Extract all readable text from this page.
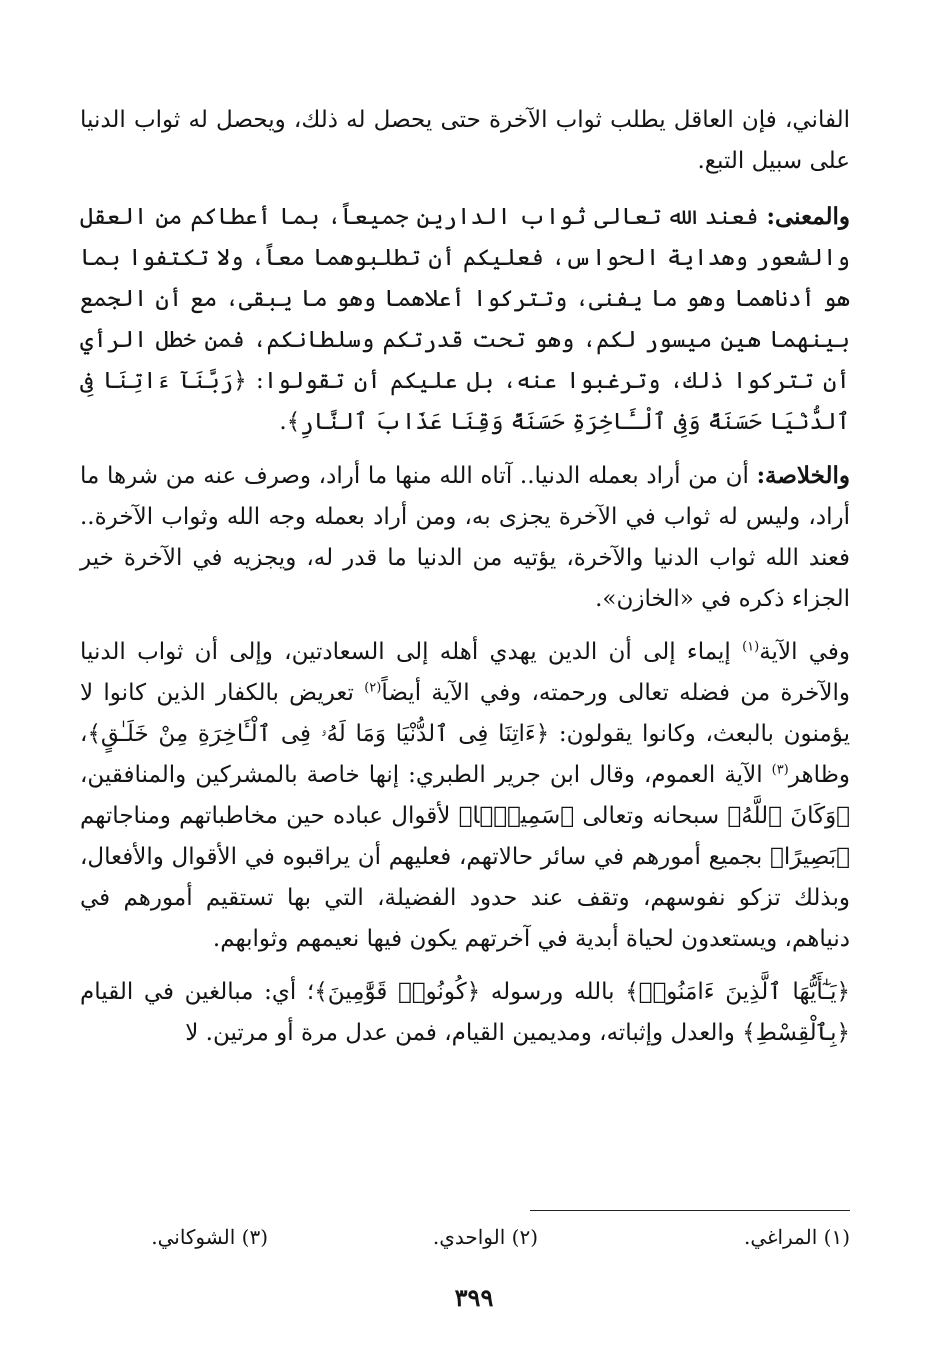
الفاني، فإن العاقل يطلب ثواب الآخرة حتى يحصل له ذلك، ويحصل له ثواب الدنيا على سبيل التبع.

والمعنى: فعند الله تعالى ثواب الدارين جميعاً، بما أعطاكم من العقل والشعور وهداية الحواس، فعليكم أن تطلبوهما معاً، ولا تكتفوا بما هو أدناهما وهو ما يفنى، وتتركوا أعلاهما وهو ما يبقى، مع أن الجمع بينهما هين ميسور لكم، وهو تحت قدرتكم وسلطانكم، فمن خطل الرأي أن تتركوا ذلك، وترغبوا عنه، بل عليكم أن تقولوا: ﴿رَبَّنَآ ءَاتِنَا فِى ٱلدُّنْيَا حَسَنَةً وَفِى ٱلْـَٔاخِرَةِ حَسَنَةً وَقِنَا عَذَابَ ٱلنَّارِ﴾.

والخلاصة: أن من أراد بعمله الدنيا.. آتاه الله منها ما أراد، وصرف عنه من شرها ما أراد، وليس له ثواب في الآخرة يجزى به، ومن أراد بعمله وجه الله وثواب الآخرة.. فعند الله ثواب الدنيا والآخرة، يؤتيه من الدنيا ما قدر له، ويجزيه في الآخرة خير الجزاء ذكره في «الخازن».

وفي الآية$^{(١)}$ إيماء إلى أن الدين يهدي أهله إلى السعادتين، وإلى أن ثواب الدنيا والآخرة من فضله تعالى ورحمته، وفي الآية أيضاً$^{(٢)}$ تعريض بالكفار الذين كانوا لا يؤمنون بالبعث، وكانوا يقولون: ﴿ءَاتِنَا فِى ٱلدُّنْيَا وَمَا لَهُۥ فِى ٱلْـَٔاخِرَةِ مِنْ خَلَـٰقٍ﴾، وظاهر$^{(٣)}$ الآية العموم، وقال ابن جرير الطبري: إنها خاصة بالمشركين والمنافقين، ﴿وَكَانَ ٱللَّهُ﴾ سبحانه وتعالى ﴿سَمِيعًۢا﴾ لأقوال عباده حين مخاطباتهم ومناجاتهم ﴿بَصِيرًا﴾ بجميع أمورهم في سائر حالاتهم، فعليهم أن يراقبوه في الأقوال والأفعال، وبذلك تزكو نفوسهم، وتقف عند حدود الفضيلة، التي بها تستقيم أمورهم في دنياهم، ويستعدون لحياة أبدية في آخرتهم يكون فيها نعيمهم وثوابهم.

﴿يَـٰٓأَيُّهَا ٱلَّذِينَ ءَامَنُوا۟﴾ بالله ورسوله ﴿كُونُوا۟ قَوَّٰمِينَ﴾؛ أي: مبالغين في القيام ﴿بِٱلْقِسْطِ﴾ والعدل وإثباته، ومديمين القيام، فمن عدل مرة أو مرتين. لا

(١) المراغي.
(٢) الواحدي.
(٣) الشوكاني.
٣٩٩
